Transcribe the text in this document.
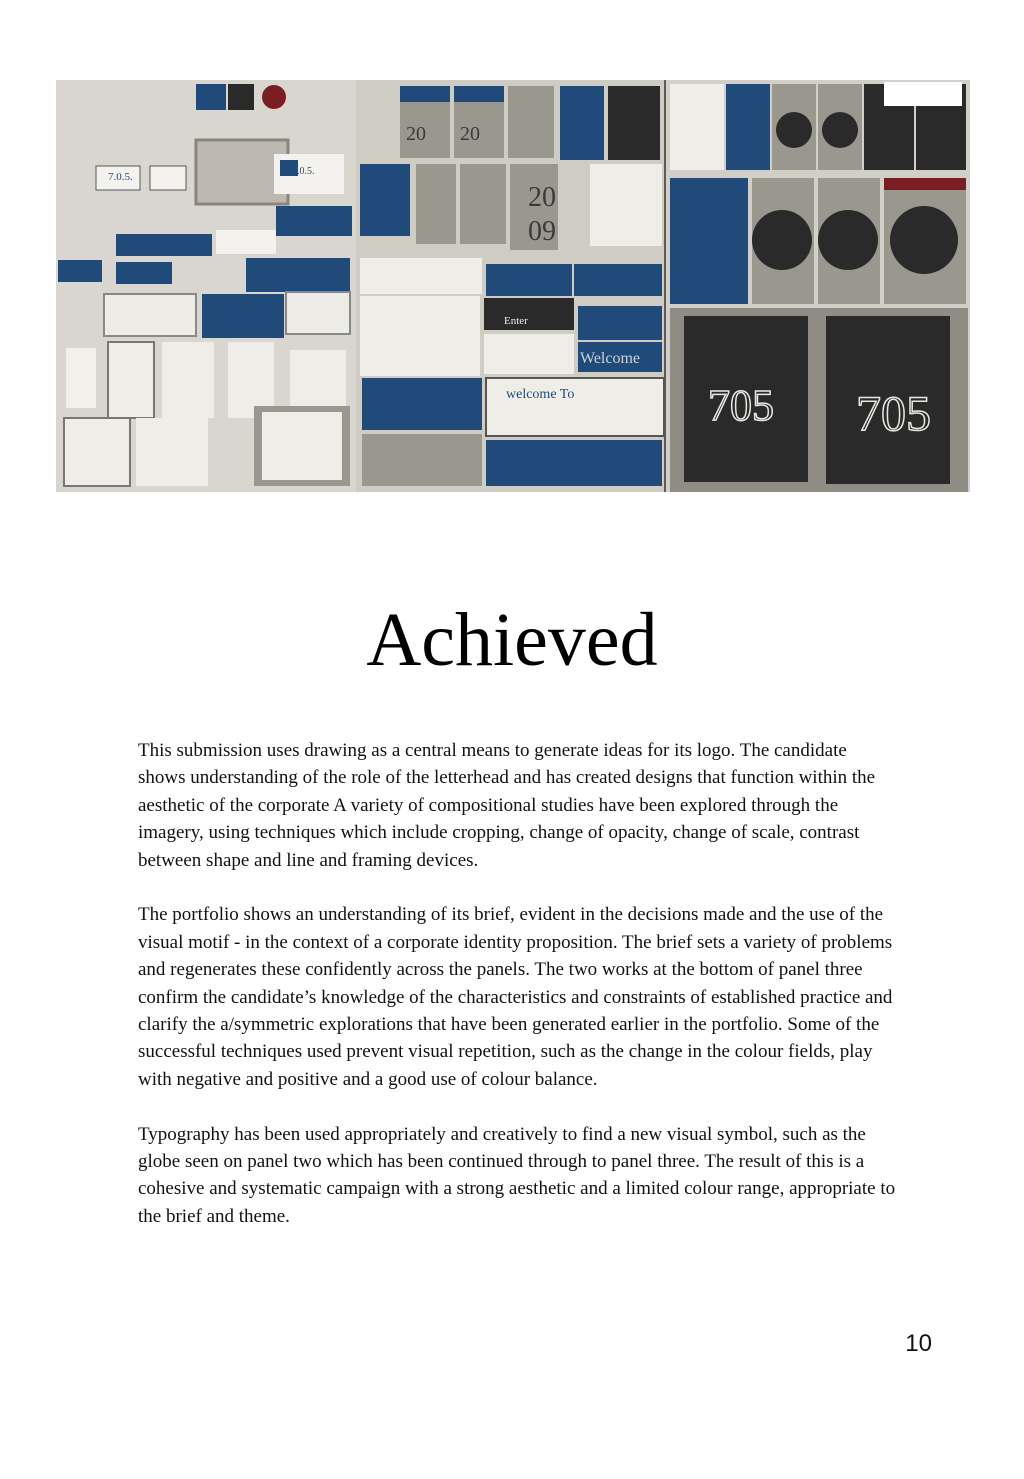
7.0.5.	7.0.5.
20 20
20
09
Welcome
welcome To
Enter
705 705
Achieved

This submission uses drawing as a central means to generate ideas for its logo. The candidate shows understanding of the role of the letterhead and has created designs that function within the aesthetic of the corporate A variety of compositional studies have been explored through the imagery, using techniques which include cropping, change of opacity, change of scale, contrast between shape and line and framing devices.

The portfolio shows an understanding of its brief, evident in the decisions made and the use of the visual motif - in the context of a corporate identity proposition. The brief sets a variety of problems and regenerates these confidently across the panels. The two works at the bottom of panel three confirm the candidate’s knowledge of the characteristics and constraints of established practice and clarify the a/symmetric explorations that have been generated earlier in the portfolio. Some of the successful techniques used prevent visual repetition, such as the change in the colour fields, play with negative and positive and a good use of colour balance.

Typography has been used appropriately and creatively to find a new visual symbol, such as the globe seen on panel two which has been continued through to panel three. The result of this is a cohesive and systematic campaign with a strong aesthetic and a limited colour range, appropriate to the brief and theme.

10
